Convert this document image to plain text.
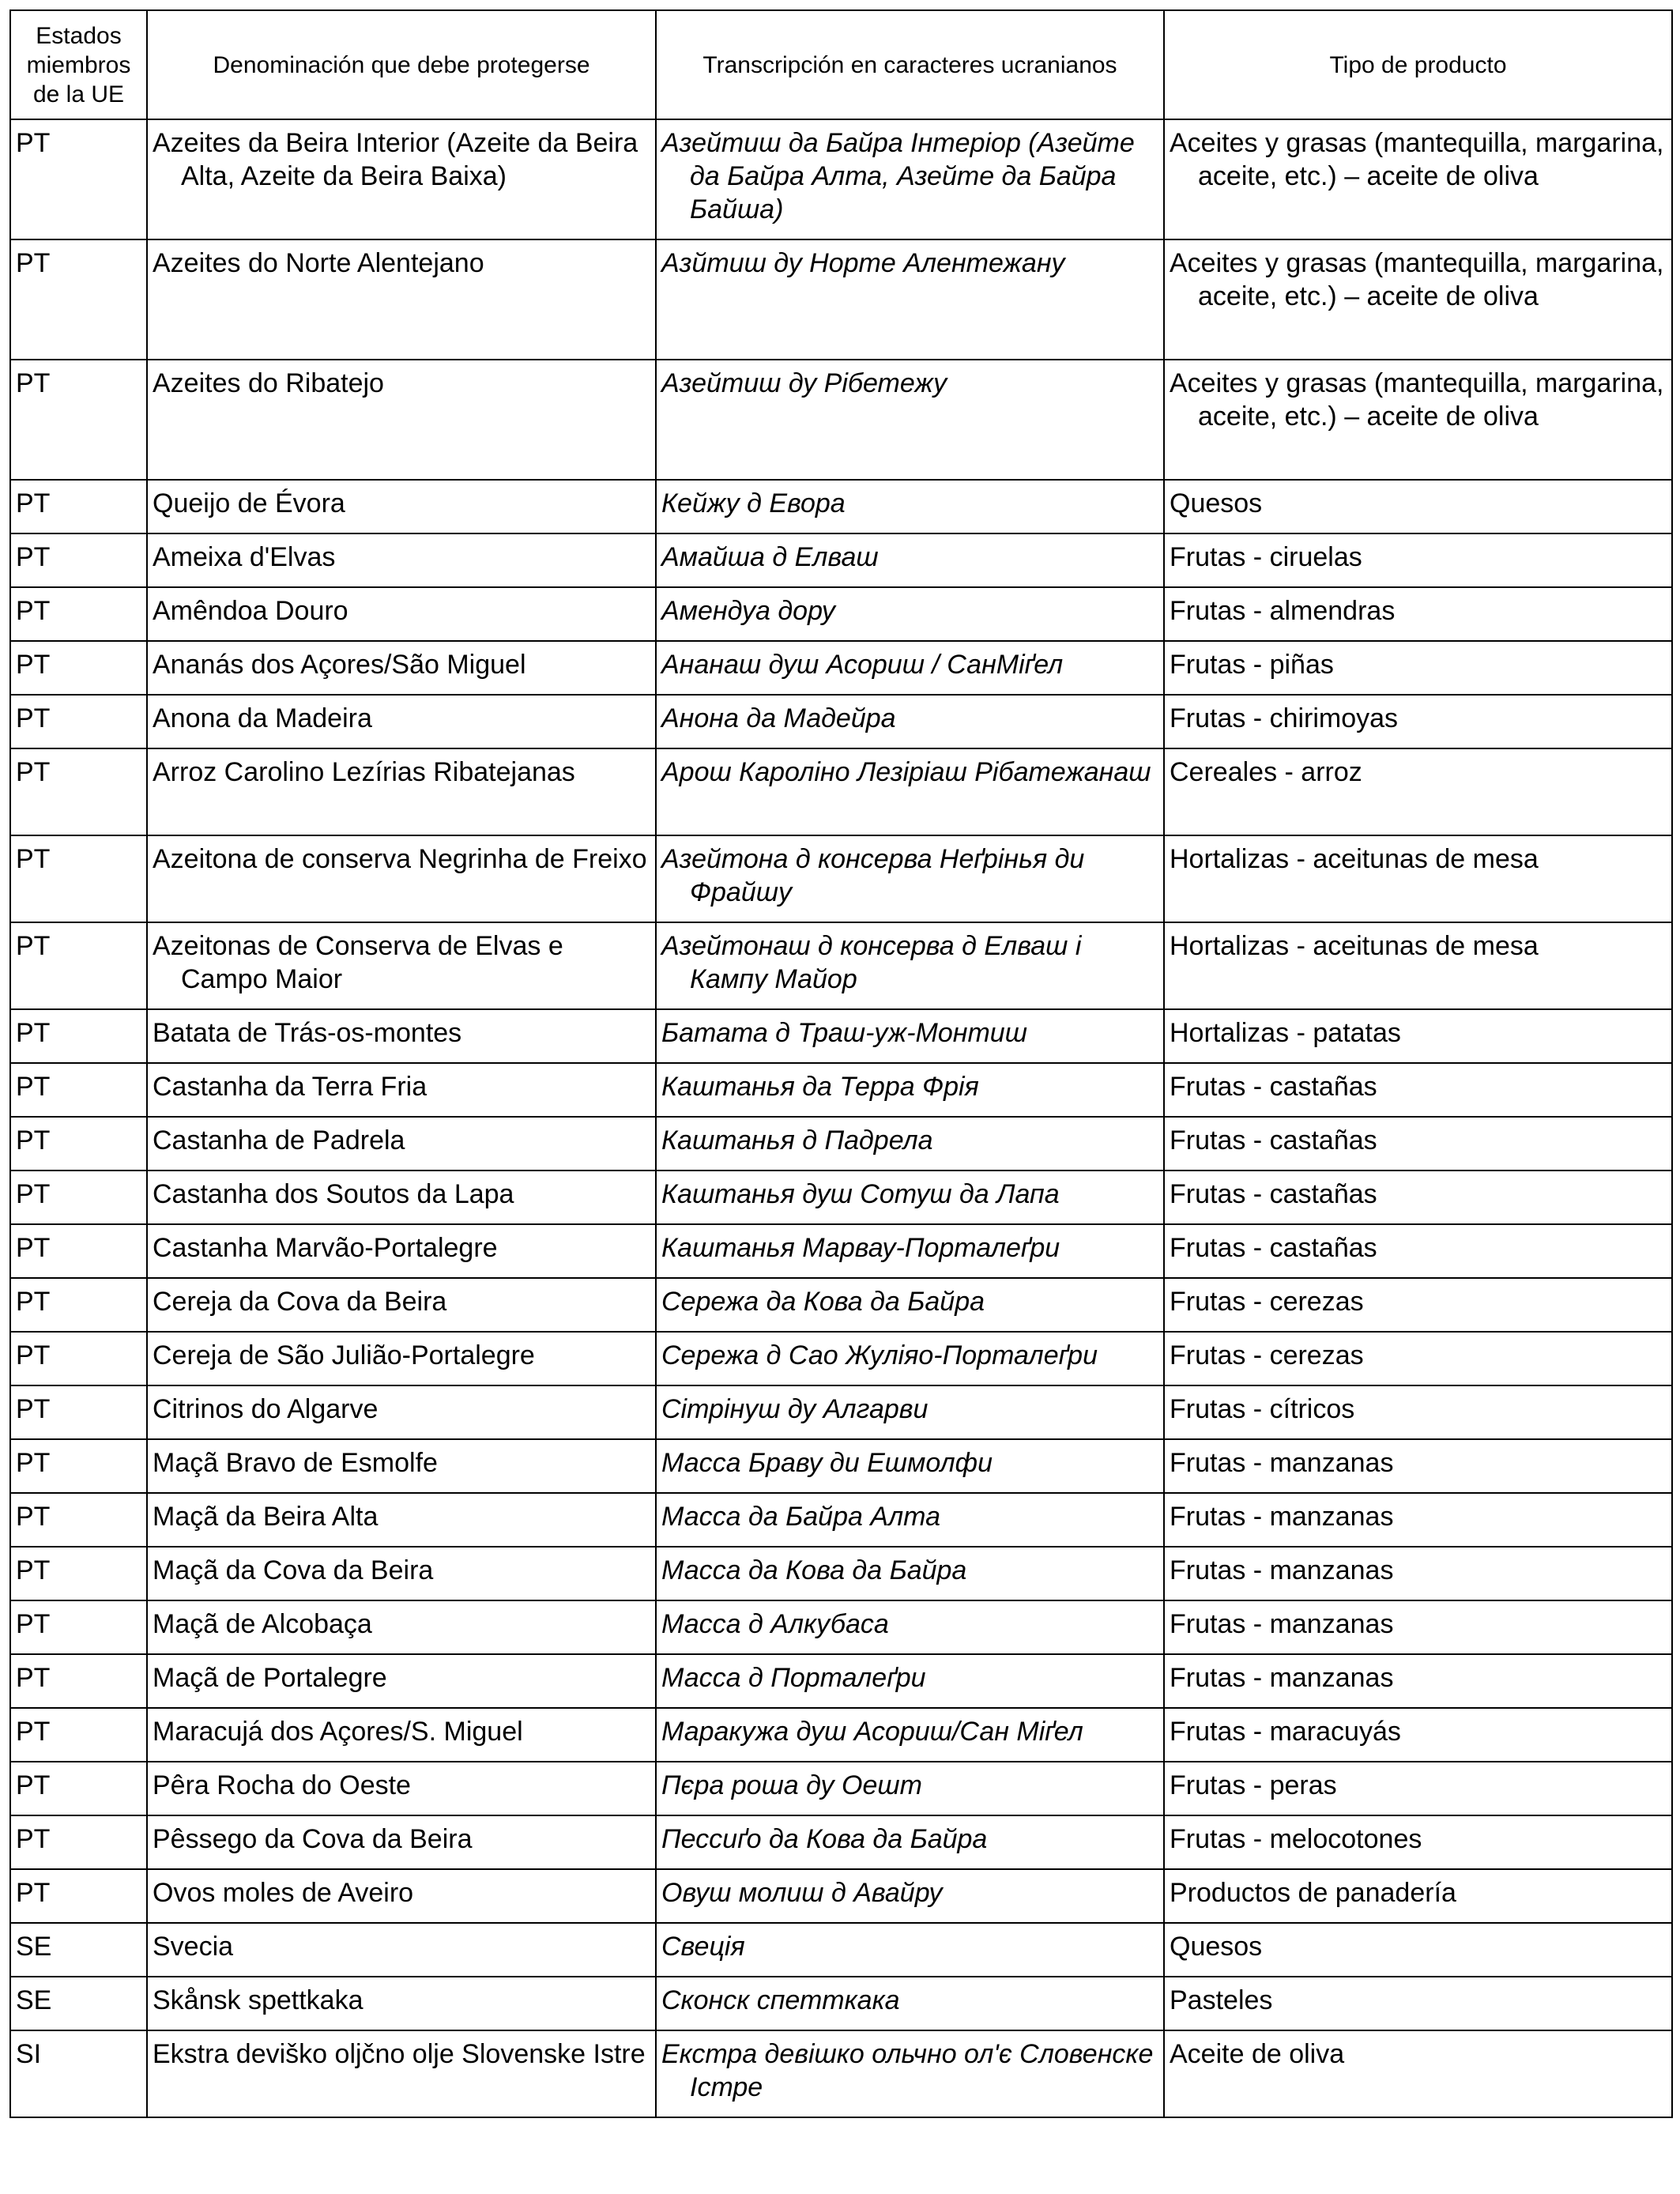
Estados miembros de la UE	Denominación que debe protegerse	Transcripción en caracteres ucranianos	Tipo de producto
PT	Azeites da Beira Interior (Azeite da Beira Alta, Azeite da Beira Baixa)	Азейтиш да Байра Інтеріор (Азейте да Байра Алта, Азейте да Байра Байша)	Aceites y grasas (mantequilla, margarina, aceite, etc.) – aceite de oliva
PT	Azeites do Norte Alentejano	Азйтиш ду Норте Алентежану	Aceites y grasas (mantequilla, margarina, aceite, etc.) – aceite de oliva
PT	Azeites do Ribatejo	Азейтиш ду Рібетежу	Aceites y grasas (mantequilla, margarina, aceite, etc.) – aceite de oliva
PT	Queijo de Évora	Кейжу д Евора	Quesos
PT	Ameixa d'Elvas	Амайша д Елваш	Frutas - ciruelas
PT	Amêndoa Douro	Амендуа дору	Frutas - almendras
PT	Ananás dos Açores/São Miguel	Ананаш душ Асориш / СанМіґел	Frutas - piñas
PT	Anona da Madeira	Анона да Мадейра	Frutas - chirimoyas
PT	Arroz Carolino Lezírias Ribatejanas	Арош Кароліно Лезіріаш Рібатежанаш	Cereales - arroz
PT	Azeitona de conserva Negrinha de Freixo	Азейтона д консерва Неґрінья ди Фрайшу	Hortalizas - aceitunas de mesa
PT	Azeitonas de Conserva de Elvas e Campo Maior	Азейтонаш д консерва д Елваш і Кампу Майор	Hortalizas - aceitunas de mesa
PT	Batata de Trás-os-montes	Батата д Траш-уж-Монтиш	Hortalizas - patatas
PT	Castanha da Terra Fria	Каштанья да Терра Фрія	Frutas - castañas
PT	Castanha de Padrela	Каштанья д Падрела	Frutas - castañas
PT	Castanha dos Soutos da Lapa	Каштанья душ Сотуш да Лапа	Frutas - castañas
PT	Castanha Marvão-Portalegre	Каштанья Марвау-Порталеґри	Frutas - castañas
PT	Cereja da Cova da Beira	Сережа да Кова да Байра	Frutas - cerezas
PT	Cereja de São Julião-Portalegre	Сережа д Сао Жуліяо-Порталеґри	Frutas - cerezas
PT	Citrinos do Algarve	Сітрінуш ду Алгарви	Frutas - cítricos
PT	Maçã Bravo de Esmolfe	Масса Браву ди Ешмолфи	Frutas - manzanas
PT	Maçã da Beira Alta	Масса да Байра Алта	Frutas - manzanas
PT	Maçã da Cova da Beira	Масса да Кова да Байра	Frutas - manzanas
PT	Maçã de Alcobaça	Масса д Алкубаса	Frutas - manzanas
PT	Maçã de Portalegre	Масса д Порталеґри	Frutas - manzanas
PT	Maracujá dos Açores/S. Miguel	Маракужа душ Асориш/Сан Міґел	Frutas - maracuyás
PT	Pêra Rocha do Oeste	Пєра роша ду Оешт	Frutas - peras
PT	Pêssego da Cova da Beira	Пессиґо да Кова да Байра	Frutas - melocotones
PT	Ovos moles de Aveiro	Овуш молиш д Авайру	Productos de panadería
SE	Svecia	Свеція	Quesos
SE	Skånsk spettkaka	Сконск спетткака	Pasteles
SI	Ekstra deviško oljčno olje Slovenske Istre	Екстра девішко ольчно ол'є Словенске Істре	Aceite de oliva
